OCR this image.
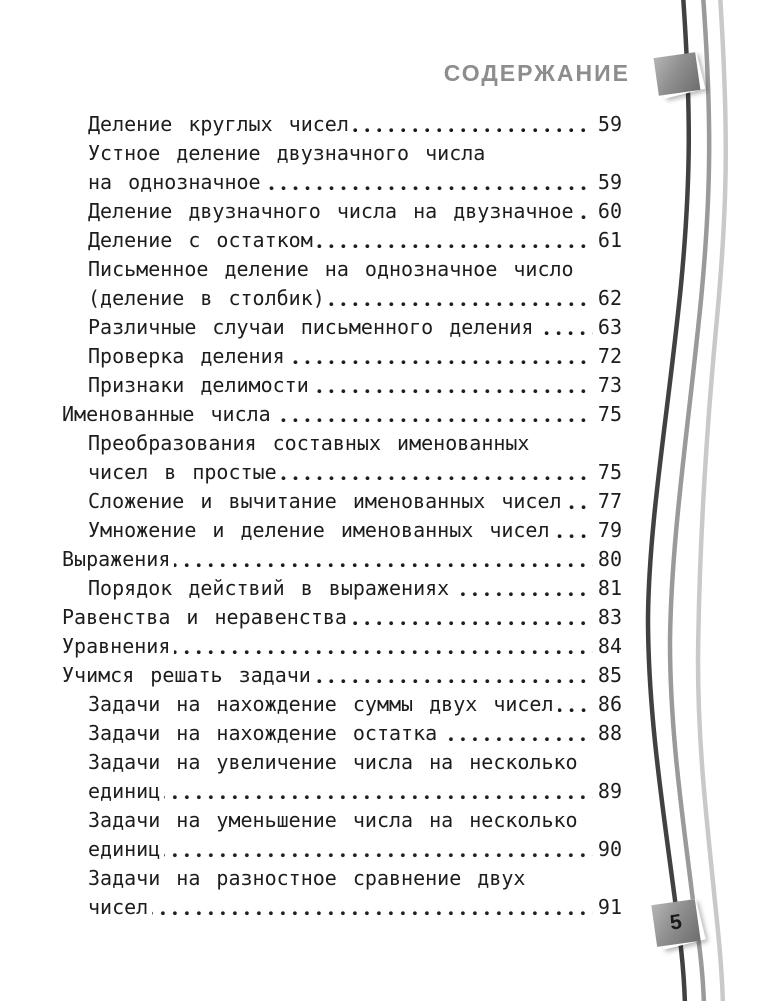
5
СОДЕРЖАНИЕ
Деление круглых чисел	59
Устное деление двузначного числа
на однозначное	59
Деление двузначного числа на двузначное 60
Деление с остатком	61
Письменное деление на однозначное число
(деление в столбик)	62
Различные случаи письменного деления	63
Проверка деления	72
Признаки делимости	73
Именованные числа	75
Преобразования составных именованных
чисел в простые	75
Сложение и вычитание именованных чисел 77
Умножение и деление именованных чисел 79
Выражения	80
Порядок действий в выражениях	81
Равенства и неравенства	83
Уравнения	84
Учимся решать задачи	85
Задачи на нахождение суммы двух чисел 86
Задачи на нахождение остатка	88
Задачи на увеличение числа на несколько
единиц	89
Задачи на уменьшение числа на несколько
единиц	90
Задачи на разностное сравнение двух
чисел	91
